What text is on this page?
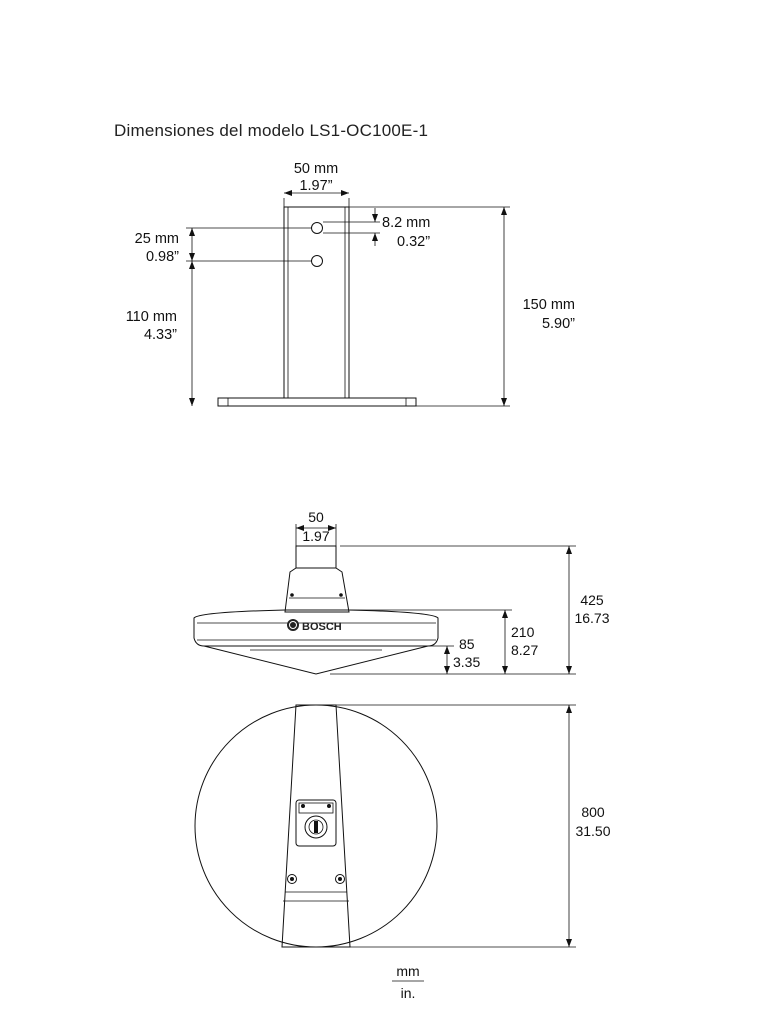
Dimensiones del modelo LS1-OC100E-1
50 mm
1.97”
8.2 mm
0.32”
25 mm
0.98”
110 mm
4.33”
150 mm
5.90”
BOSCH
50
1.97
425
16.73
210
8.27
85
3.35
800
31.50
mm
in.
